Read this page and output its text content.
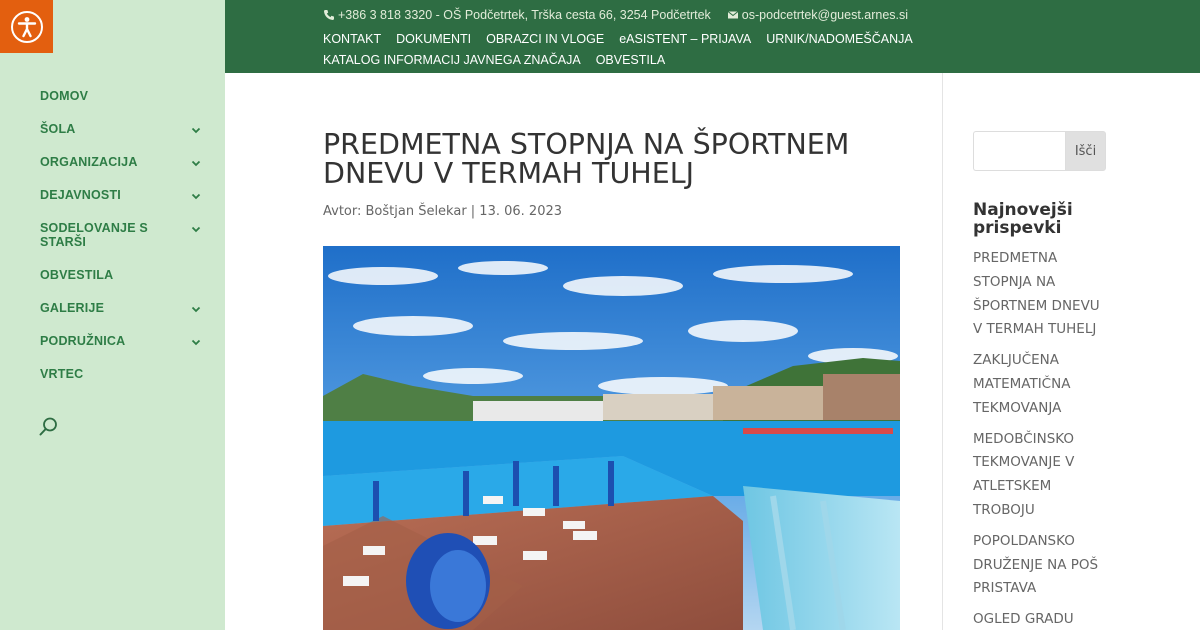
DOMOV
ŠOLA
ORGANIZACIJA
DEJAVNOSTI
SODELOVANJE S STARŠI
OBVESTILA
GALERIJE
PODRUŽNICA
VRTEC
+386 3 818 3320 - OŠ Podčetrtek, Trška cesta 66, 3254 Podčetrtek os-podcetrtek@guest.arnes.si
KONTAKT DOKUMENTI OBRAZCI IN VLOGE eASISTENT – PRIJAVA URNIK/NADOMEŠČANJAKATALOG INFORMACIJ JAVNEGA ZNAČAJA OBVESTILA
PREDMETNA STOPNJA NA ŠPORTNEM DNEVU V TERMAH TUHELJ
Avtor: Boštjan Šelekar | 13. 06. 2023
Išči
Najnovejši prispevki
PREDMETNA STOPNJA NA ŠPORTNEM DNEVU V TERMAH TUHELJ
ZAKLJUČENA MATEMATIČNA TEKMOVANJA
MEDOBČINSKO TEKMOVANJE V ATLETSKEM TROBOJU
POPOLDANSKO DRUŽENJE NA POŠ PRISTAVA
OGLED GRADU
